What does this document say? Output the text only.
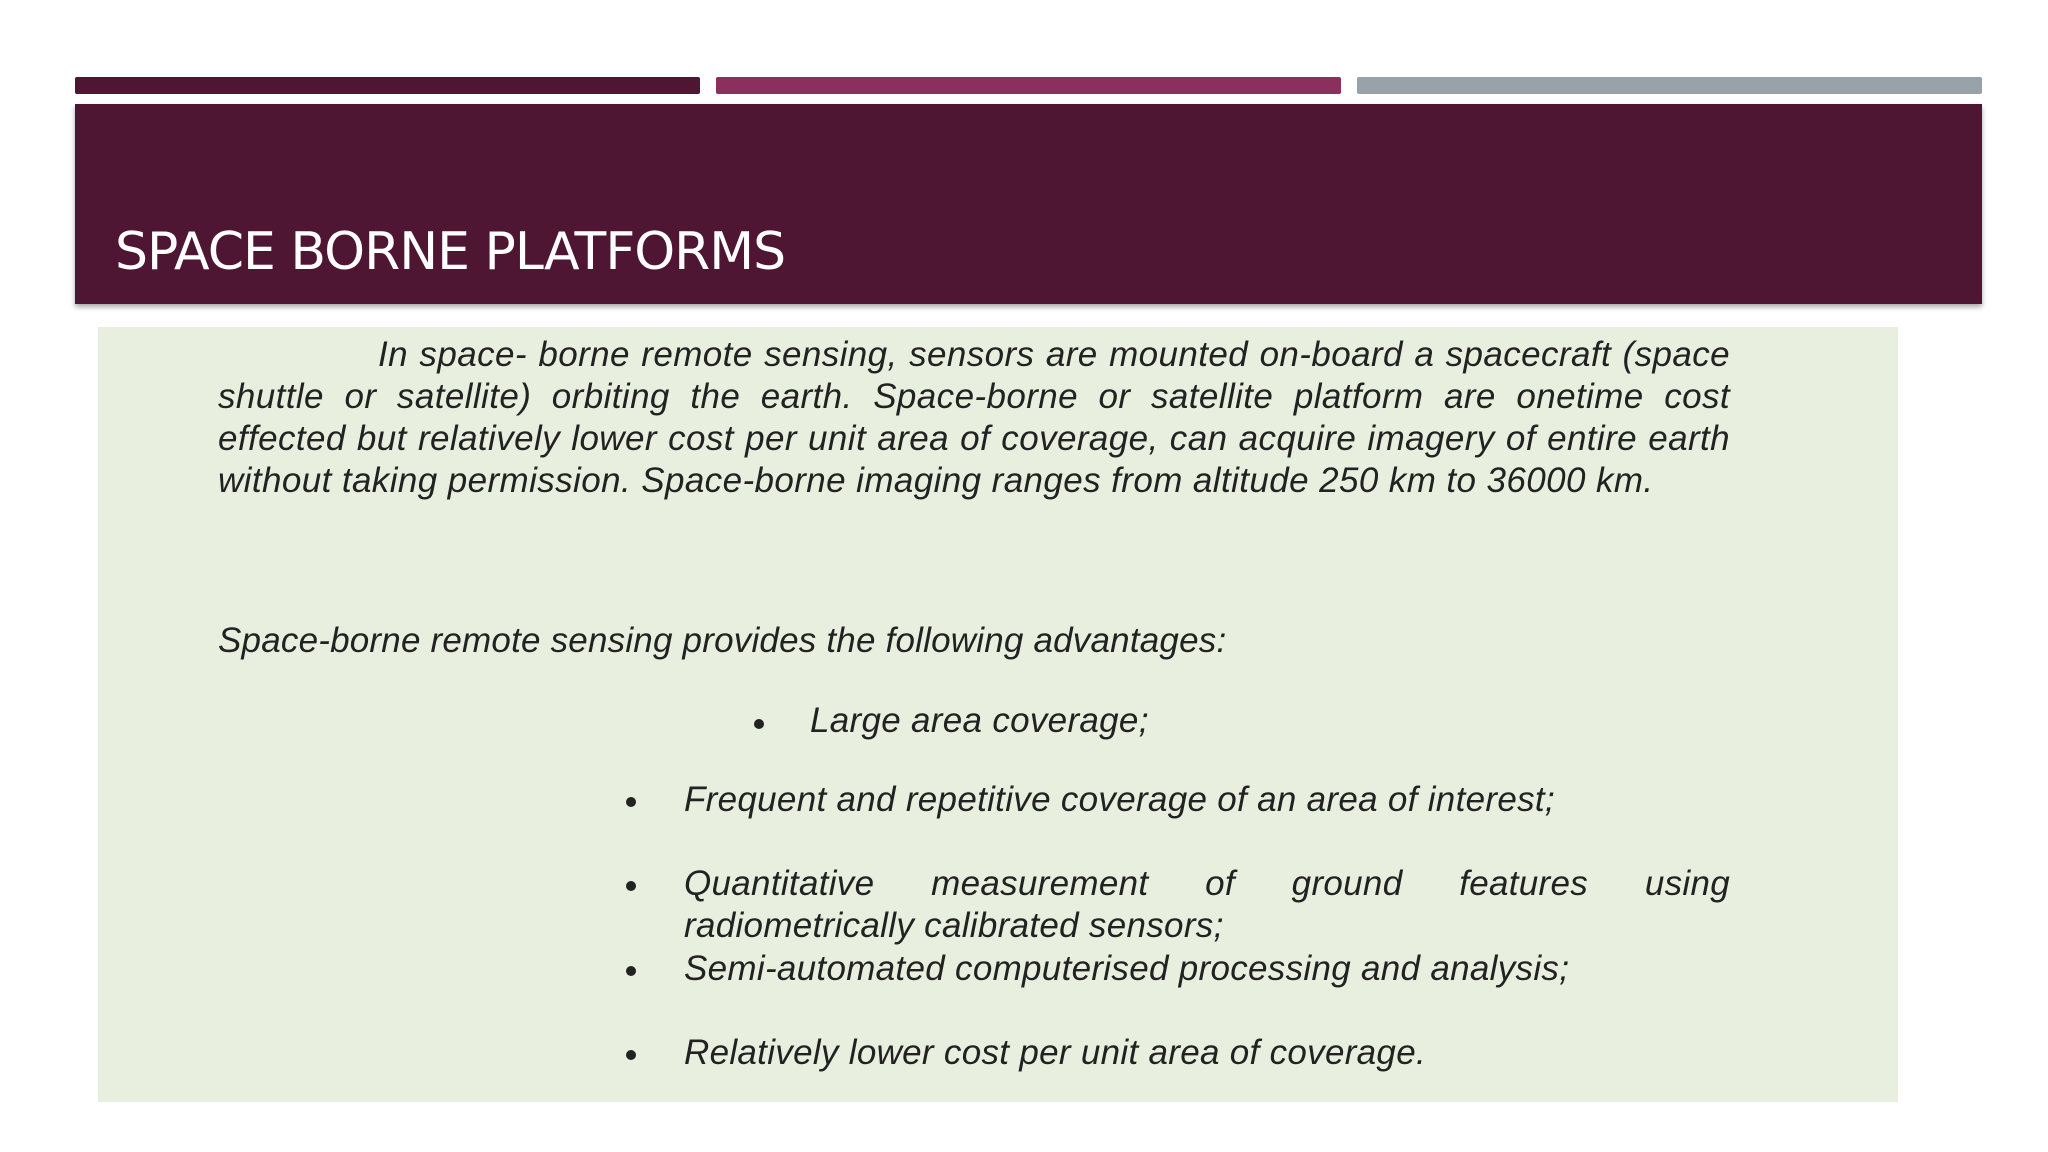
SPACE BORNE PLATFORMS

In space- borne remote sensing, sensors are mounted on-board a spacecraft (space shuttle or satellite) orbiting the earth. Space-borne or satellite platform are onetime cost effected but relatively lower cost per unit area of coverage, can acquire imagery of entire earth without taking permission. Space-borne imaging ranges from altitude 250 km to 36000 km.

Space-borne remote sensing provides the following advantages:

Large area coverage;

Frequent and repetitive coverage of an area of interest;

Quantitative measurement of ground features using radiometrically calibrated sensors;

Semi-automated computerised processing and analysis;

Relatively lower cost per unit area of coverage.
